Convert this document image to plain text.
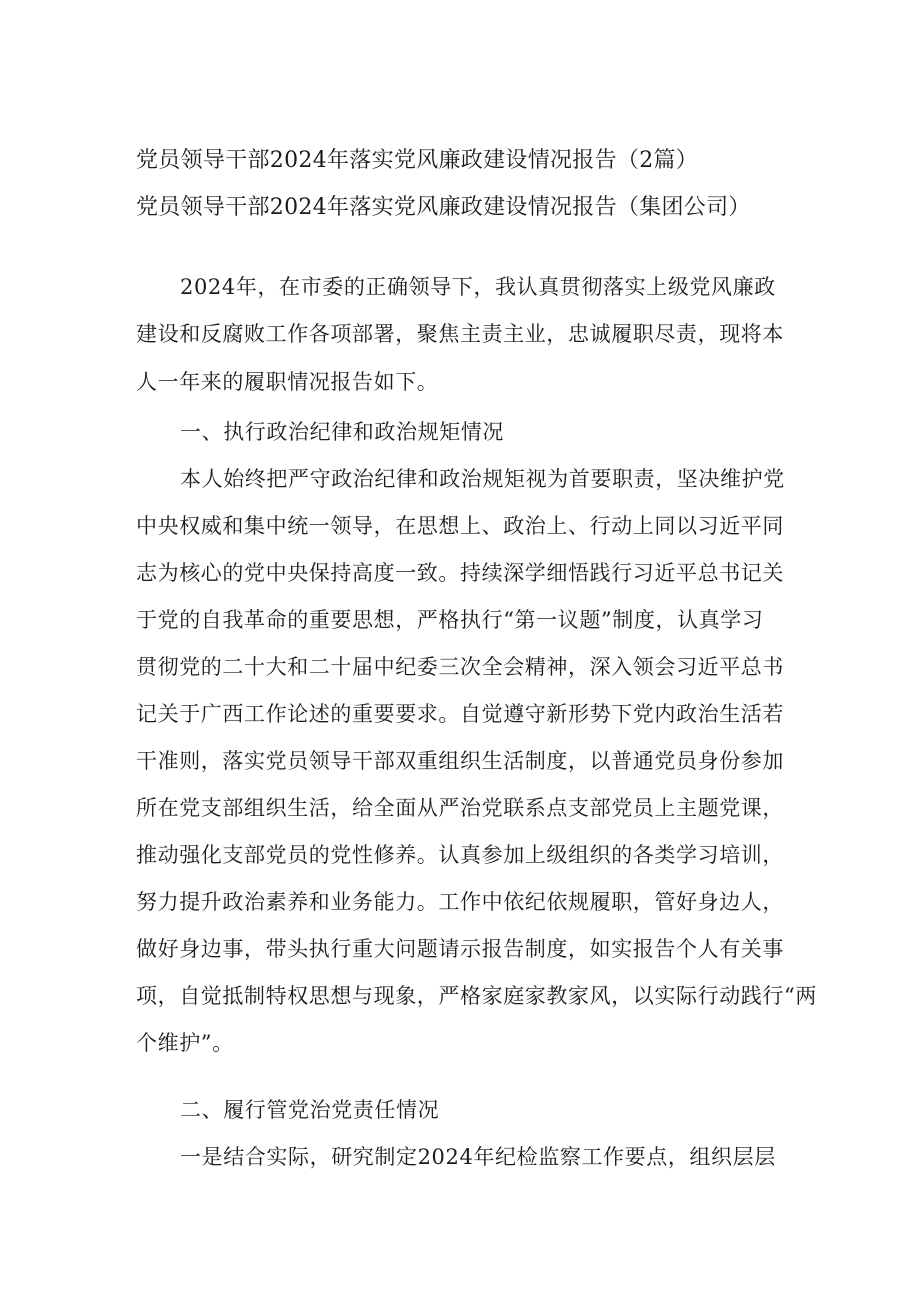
党员领导干部2024年落实党风廉政建设情况报告（2篇）
党员领导干部2024年落实党风廉政建设情况报告（集团公司）
2024年，在市委的正确领导下，我认真贯彻落实上级党风廉政
建设和反腐败工作各项部署，聚焦主责主业，忠诚履职尽责，现将本
人一年来的履职情况报告如下。
一、执行政治纪律和政治规矩情况
本人始终把严守政治纪律和政治规矩视为首要职责，坚决维护党
中央权威和集中统一领导，在思想上、政治上、行动上同以习近平同
志为核心的党中央保持高度一致。持续深学细悟践行习近平总书记关
于党的自我革命的重要思想，严格执行“第一议题”制度，认真学习
贯彻党的二十大和二十届中纪委三次全会精神，深入领会习近平总书
记关于广西工作论述的重要要求。自觉遵守新形势下党内政治生活若
干准则，落实党员领导干部双重组织生活制度，以普通党员身份参加
所在党支部组织生活，给全面从严治党联系点支部党员上主题党课，
推动强化支部党员的党性修养。认真参加上级组织的各类学习培训，
努力提升政治素养和业务能力。工作中依纪依规履职，管好身边人，
做好身边事，带头执行重大问题请示报告制度，如实报告个人有关事
项，自觉抵制特权思想与现象，严格家庭家教家风，以实际行动践行“两
个维护”。
二、履行管党治党责任情况
一是结合实际，研究制定2024年纪检监察工作要点，组织层层
